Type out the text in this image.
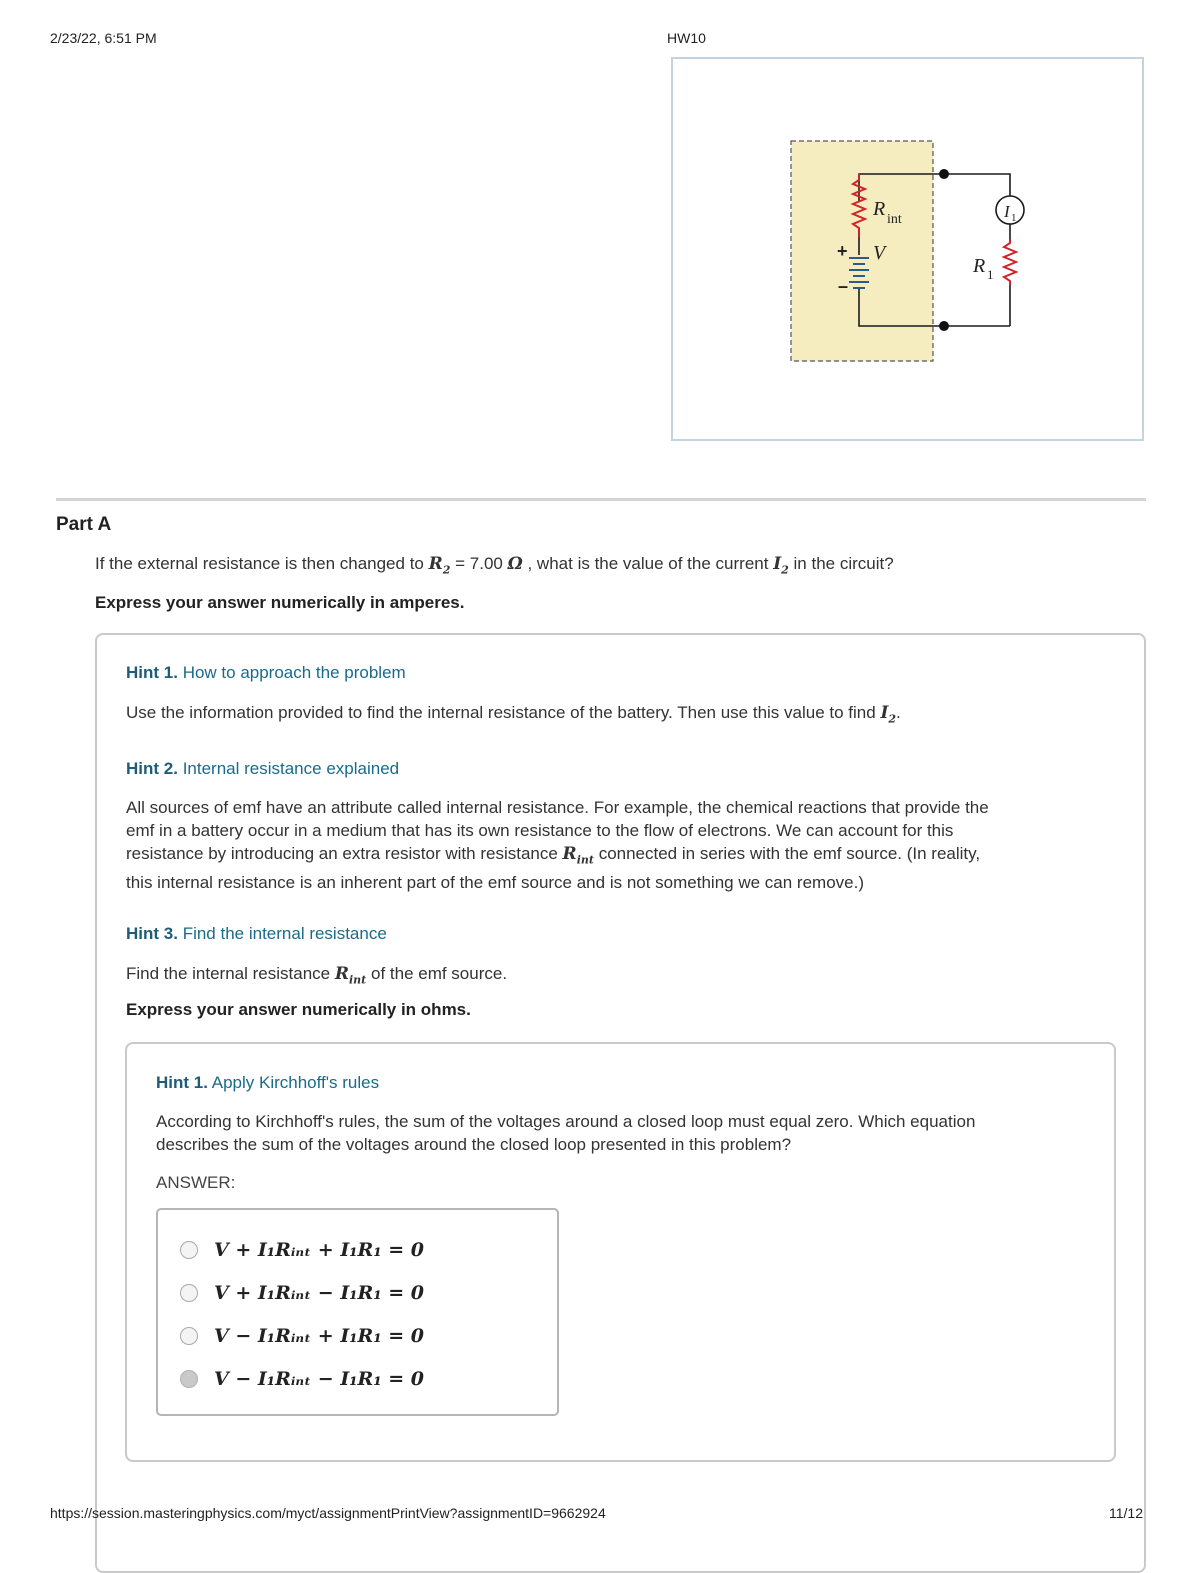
2/23/22, 6:51 PM	HW10
R int
+ V
–
I 1
R 1
Part A
If the external resistance is then changed to $R_2 = 7.00$ Ω , what is the value of the current $I_2$ in the circuit?
Express your answer numerically in amperes.
Hint 1. How to approach the problem
Use the information provided to find the internal resistance of the battery. Then use this value to find $I_2$.
Hint 2. Internal resistance explained
All sources of emf have an attribute called internal resistance. For example, the chemical reactions that provide the
emf in a battery occur in a medium that has its own resistance to the flow of electrons. We can account for this
resistance by introducing an extra resistor with resistance $R_{int}$ connected in series with the emf source. (In reality,
this internal resistance is an inherent part of the emf source and is not something we can remove.)
Hint 3. Find the internal resistance
Find the internal resistance $R_{int}$ of the emf source.
Express your answer numerically in ohms.
Hint 1. Apply Kirchhoff's rules
According to Kirchhoff's rules, the sum of the voltages around a closed loop must equal zero. Which equation
describes the sum of the voltages around the closed loop presented in this problem?
ANSWER:
V + I₁Rᵢₙₜ + I₁R₁ = 0
V + I₁Rᵢₙₜ − I₁R₁ = 0
V − I₁Rᵢₙₜ + I₁R₁ = 0
V − I₁Rᵢₙₜ − I₁R₁ = 0
https://session.masteringphysics.com/myct/assignmentPrintView?assignmentID=9662924	11/12
